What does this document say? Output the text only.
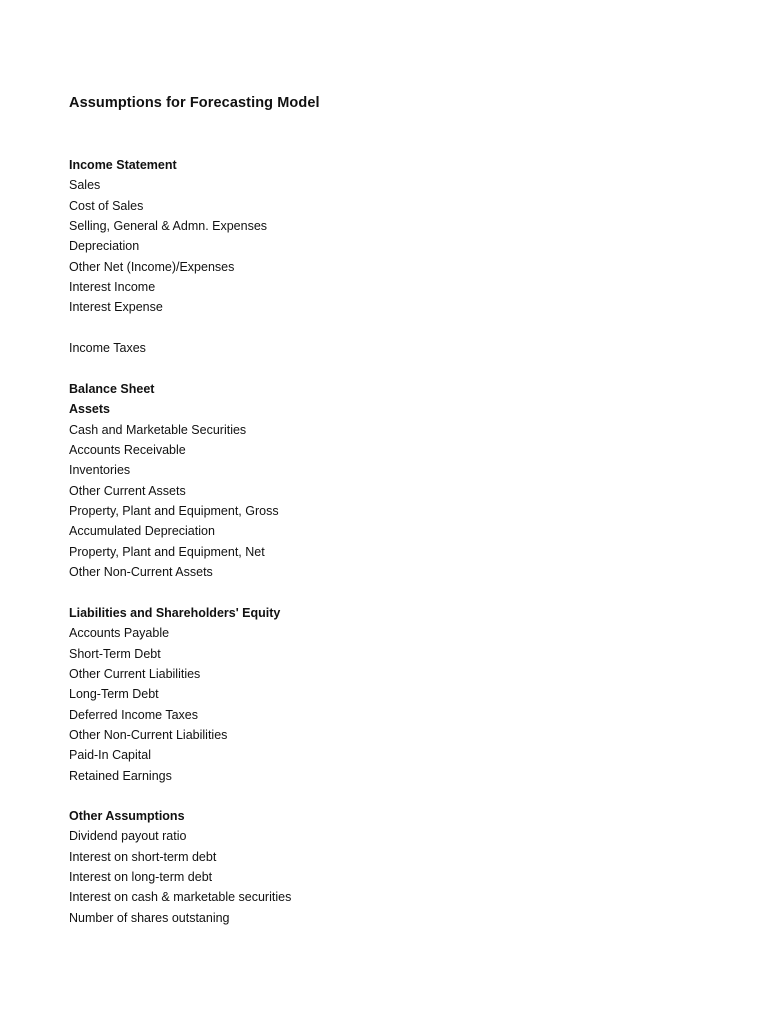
Assumptions for Forecasting Model
Income Statement
Sales
Cost of Sales
Selling, General & Admn. Expenses
Depreciation
Other Net (Income)/Expenses
Interest Income
Interest Expense
Income Taxes
Balance Sheet
Assets
Cash and Marketable Securities
Accounts Receivable
Inventories
Other Current Assets
Property, Plant and Equipment, Gross
Accumulated Depreciation
Property, Plant and Equipment, Net
Other Non-Current Assets
Liabilities and Shareholders' Equity
Accounts Payable
Short-Term Debt
Other Current Liabilities
Long-Term Debt
Deferred Income Taxes
Other Non-Current Liabilities
Paid-In Capital
Retained Earnings
Other Assumptions
Dividend payout ratio
Interest on short-term debt
Interest on long-term debt
Interest on cash & marketable securities
Number of shares outstaning
